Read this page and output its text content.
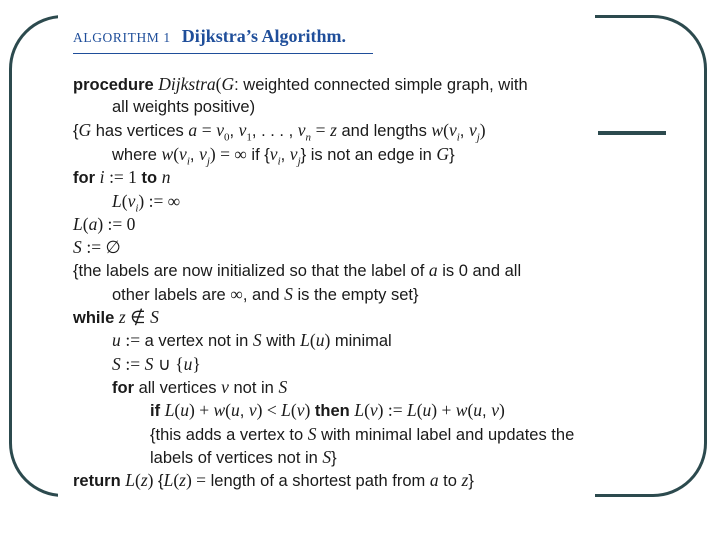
ALGORITHM 1 Dijkstra’s Algorithm.
procedure Dijkstra(G: weighted connected simple graph, with
all weights positive)
{G has vertices $a = v_0$, $v_1$, . . . , $v_n = z$ and lengths $w(v_i$, $v_j$)
where $w(v_i$, $v_j$) = ∞ if {$v_i$, $v_j$} is not an edge in G}
for i := 1 to n
$L(v_i)$ := ∞
L(a) := 0
S := ∅
{the labels are now initialized so that the label of a is 0 and all
other labels are ∞, and S is the empty set}
while z ∉ S
u := a vertex not in S with L(u) minimal
S := S ∪ {u}
for all vertices v not in S
if L(u) + w(u, v) < L(v) then L(v) := L(u) + w(u, v)
{this adds a vertex to S with minimal label and updates the
labels of vertices not in S}
return L(z) {L(z) = length of a shortest path from a to z}
